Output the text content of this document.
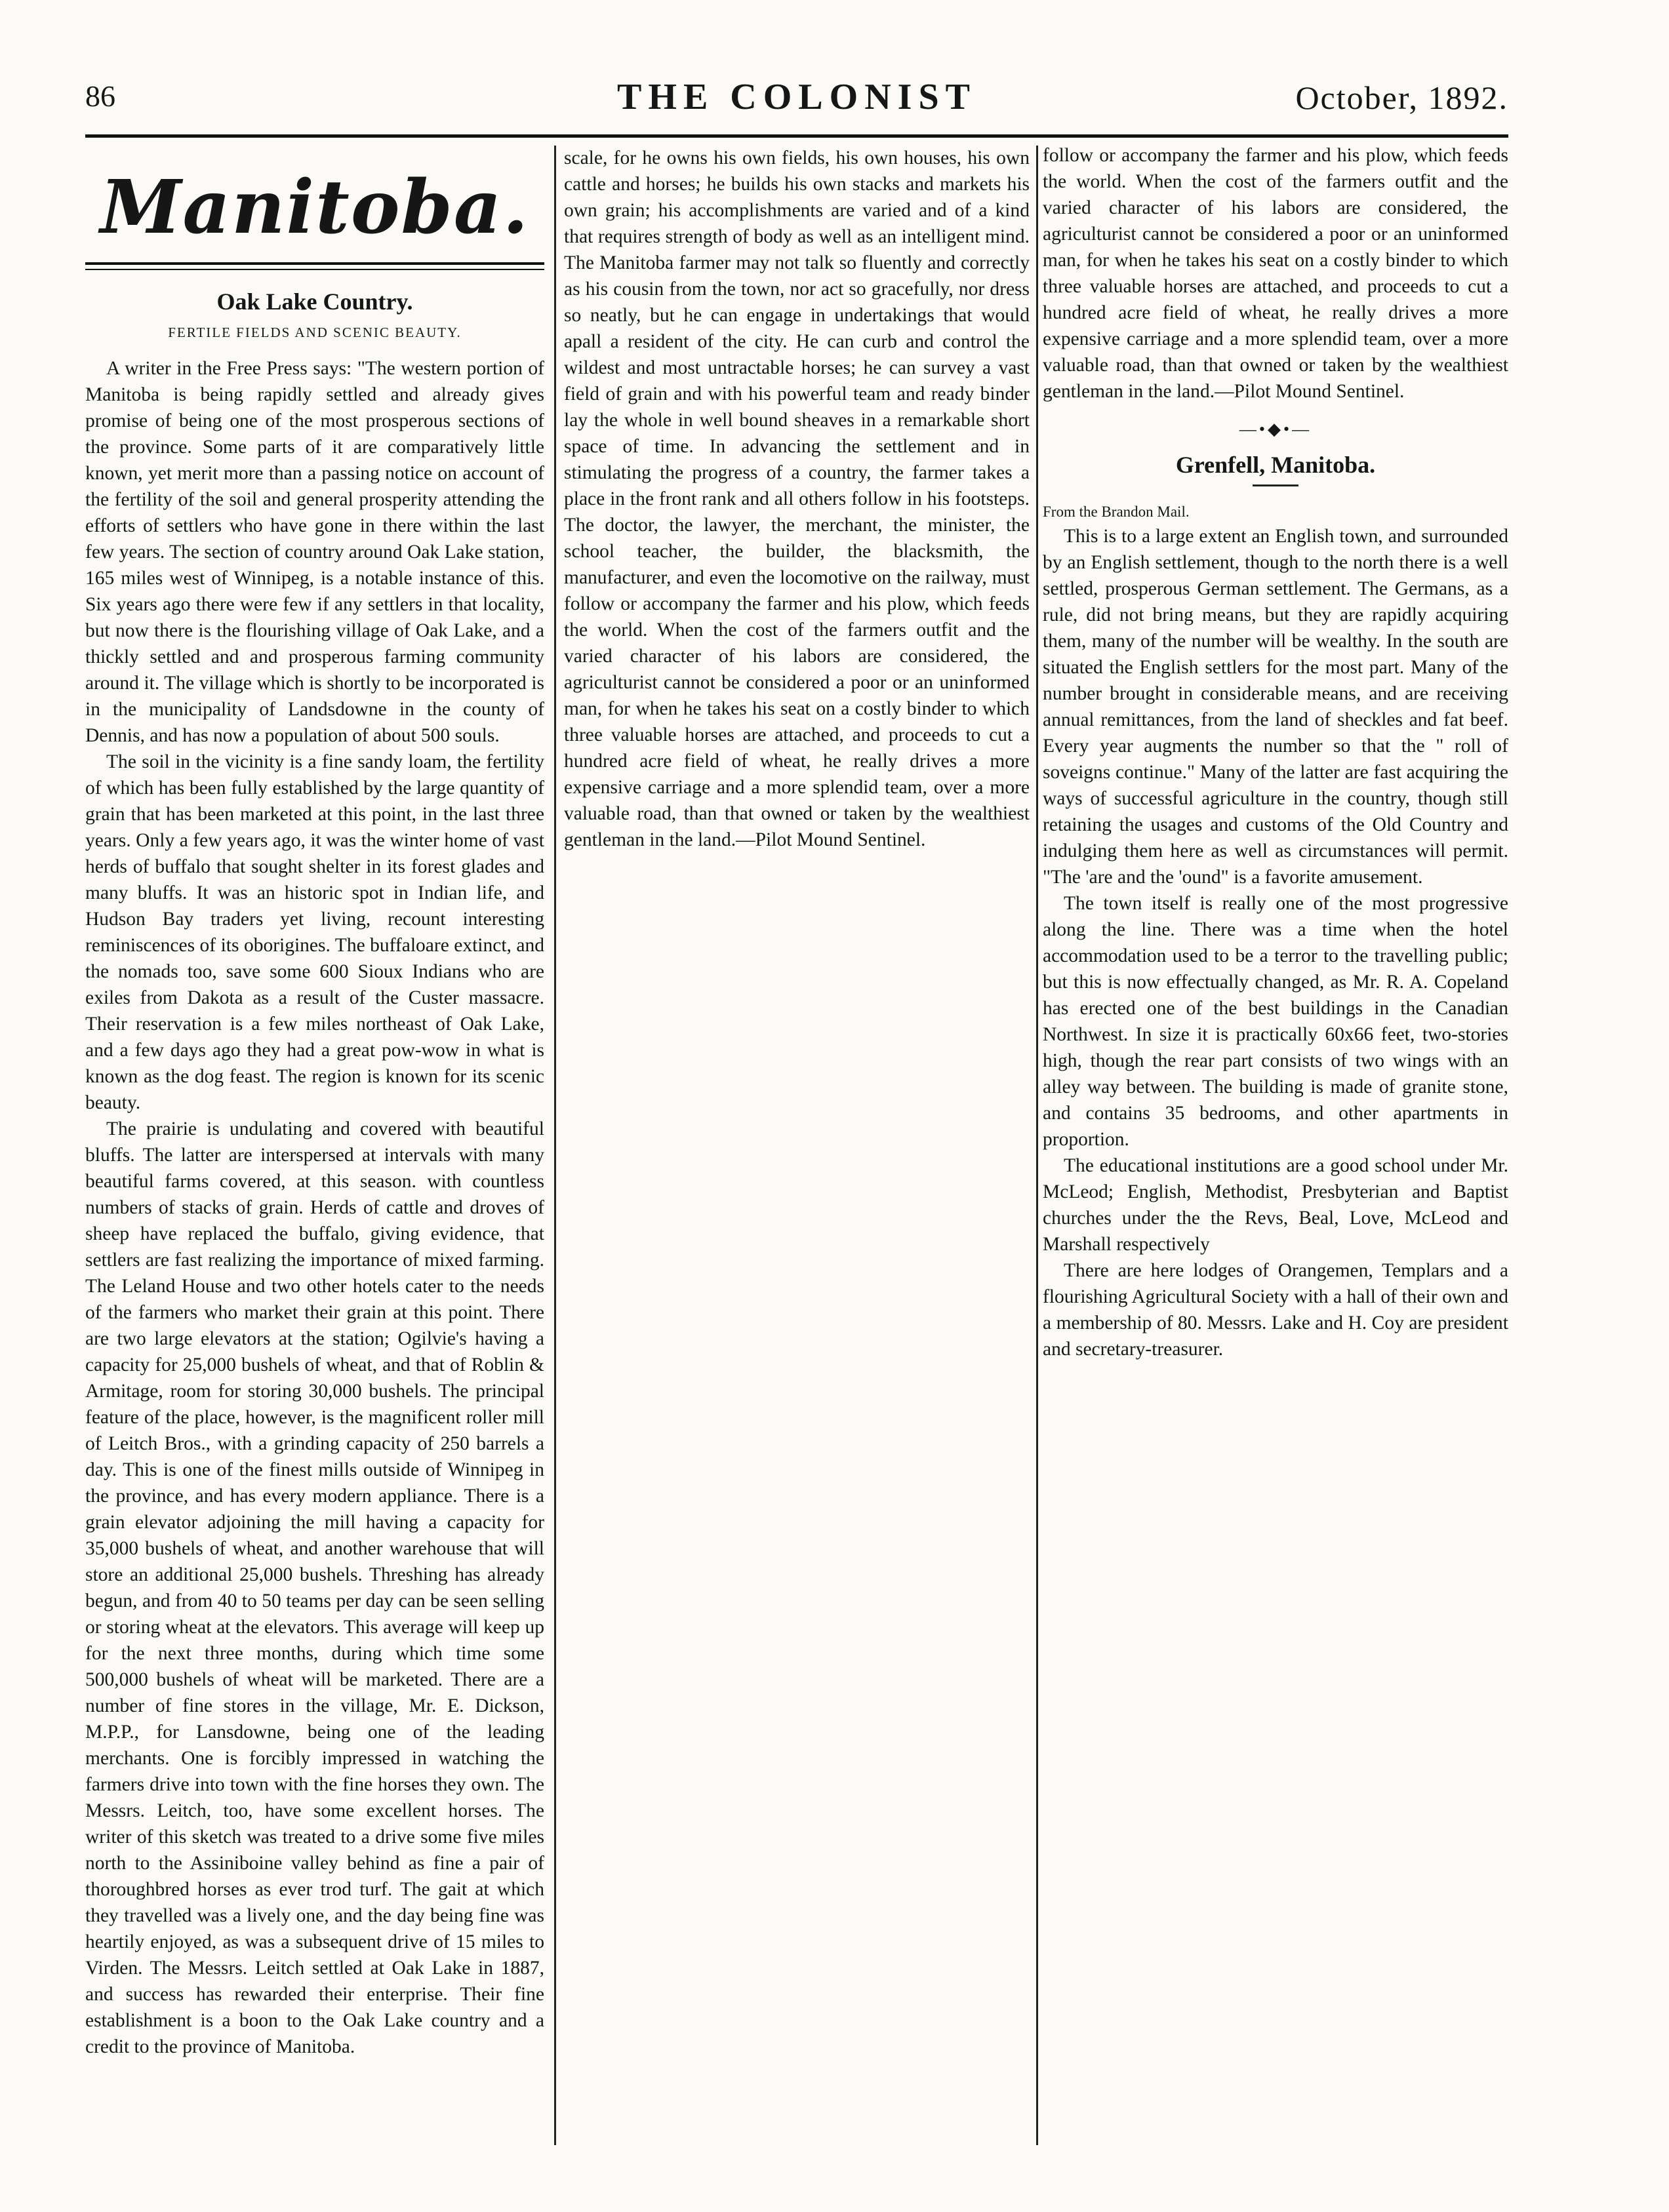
86	THE COLONIST	October, 1892.
Manitoba.
Oak Lake Country.
FERTILE FIELDS AND SCENIC BEAUTY.

A writer in the Free Press says: "The western portion of Manitoba is being rapidly settled and already gives promise of being one of the most prosperous sections of the province. Some parts of it are comparatively little known, yet merit more than a passing notice on account of the fertility of the soil and general prosperity attending the efforts of settlers who have gone in there within the last few years. The section of country around Oak Lake station, 165 miles west of Winnipeg, is a notable instance of this. Six years ago there were few if any settlers in that locality, but now there is the flourishing village of Oak Lake, and a thickly settled and and prosperous farming community around it. The village which is shortly to be incorporated is in the municipality of Landsdowne in the county of Dennis, and has now a population of about 500 souls.

The soil in the vicinity is a fine sandy loam, the fertility of which has been fully established by the large quantity of grain that has been marketed at this point, in the last three years. Only a few years ago, it was the winter home of vast herds of buffalo that sought shelter in its forest glades and many bluffs. It was an historic spot in Indian life, and Hudson Bay traders yet living, recount interesting reminiscences of its oborigines. The buffaloare extinct, and the nomads too, save some 600 Sioux Indians who are exiles from Dakota as a result of the Custer massacre. Their reservation is a few miles northeast of Oak Lake, and a few days ago they had a great pow-wow in what is known as the dog feast. The region is known for its scenic beauty.

The prairie is undulating and covered with beautiful bluffs. The latter are interspersed at intervals with many beautiful farms covered, at this season. with countless numbers of stacks of grain. Herds of cattle and droves of sheep have replaced the buffalo, giving evidence, that settlers are fast realizing the importance of mixed farming. The Leland House and two other hotels cater to the needs of the farmers who market their grain at this point. There are two large elevators at the station; Ogilvie's having a capacity for 25,000 bushels of wheat, and that of Roblin & Armitage, room for storing 30,000 bushels. The principal feature of the place, however, is the magnificent roller mill of Leitch Bros., with a grinding capacity of 250 barrels a day. This is one of the finest mills outside of Winnipeg in the province, and has every modern appliance. There is a grain elevator adjoining the mill having a capacity for 35,000 bushels of wheat, and another warehouse that will store an additional 25,000 bushels. Threshing has already begun, and from 40 to 50 teams per day can be seen selling or storing wheat at the elevators. This average will keep up for the next three months, during which time some 500,000 bushels of wheat will be marketed. There are a number of fine stores in the village, Mr. E. Dickson, M.P.P., for Lansdowne, being one of the leading merchants. One is forcibly impressed in watching the farmers drive into town with the fine horses they own. The Messrs. Leitch, too, have some excellent horses. The writer of this sketch was treated to a drive some five miles north to the Assiniboine valley behind as fine a pair of thoroughbred horses as ever trod turf. The gait at which they travelled was a lively one, and the day being fine was heartily enjoyed, as was a subsequent drive of 15 miles to Virden. The Messrs. Leitch settled at Oak Lake in 1887, and success has rewarded their enterprise. Their fine establishment is a boon to the Oak Lake country and a credit to the province of Manitoba.

scale, for he owns his own fields, his own houses, his own cattle and horses; he builds his own stacks and markets his own grain; his accomplishments are varied and of a kind that requires strength of body as well as an intelligent mind. The Manitoba farmer may not talk so fluently and correctly as his cousin from the town, nor act so gracefully, nor dress so neatly, but he can engage in undertakings that would apall a resident of the city. He can curb and control the wildest and most untractable horses; he can survey a vast field of grain and with his powerful team and ready binder lay the whole in well bound sheaves in a remarkable short space of time. In advancing the settlement and in stimulating the progress of a country, the farmer takes a place in the front rank and all others follow in his footsteps. The doctor, the lawyer, the merchant, the minister, the school teacher, the builder, the blacksmith, the manufacturer, and even the locomotive on the railway, must follow or accompany the farmer and his plow, which feeds the world. When the cost of the farmers outfit and the varied character of his labors are considered, the agriculturist cannot be considered a poor or an uninformed man, for when he takes his seat on a costly binder to which three valuable horses are attached, and proceeds to cut a hundred acre field of wheat, he really drives a more expensive carriage and a more splendid team, over a more valuable road, than that owned or taken by the wealthiest gentleman in the land.—Pilot Mound Sentinel.

follow or accompany the farmer and his plow, which feeds the world. When the cost of the farmers outfit and the varied character of his labors are considered, the agriculturist cannot be considered a poor or an uninformed man, for when he takes his seat on a costly binder to which three valuable horses are attached, and proceeds to cut a hundred acre field of wheat, he really drives a more expensive carriage and a more splendid team, over a more valuable road, than that owned or taken by the wealthiest gentleman in the land.—Pilot Mound Sentinel.

—•◆•—
Grenfell, Manitoba.

From the Brandon Mail.

This is to a large extent an English town, and surrounded by an English settlement, though to the north there is a well settled, prosperous German settlement. The Germans, as a rule, did not bring means, but they are rapidly acquiring them, many of the number will be wealthy. In the south are situated the English settlers for the most part. Many of the number brought in considerable means, and are receiving annual remittances, from the land of sheckles and fat beef. Every year augments the number so that the " roll of soveigns continue." Many of the latter are fast acquiring the ways of successful agriculture in the country, though still retaining the usages and customs of the Old Country and indulging them here as well as circumstances will permit. "The 'are and the 'ound" is a favorite amusement.

The town itself is really one of the most progressive along the line. There was a time when the hotel accommodation used to be a terror to the travelling public; but this is now effectually changed, as Mr. R. A. Copeland has erected one of the best buildings in the Canadian Northwest. In size it is practically 60x66 feet, two-stories high, though the rear part consists of two wings with an alley way between. The building is made of granite stone, and contains 35 bedrooms, and other apartments in proportion.

The educational institutions are a good school under Mr. McLeod; English, Methodist, Presbyterian and Baptist churches under the the Revs, Beal, Love, McLeod and Marshall respectively

There are here lodges of Orangemen, Templars and a flourishing Agricultural Society with a hall of their own and a membership of 80. Messrs. Lake and H. Coy are president and secretary-treasurer.
